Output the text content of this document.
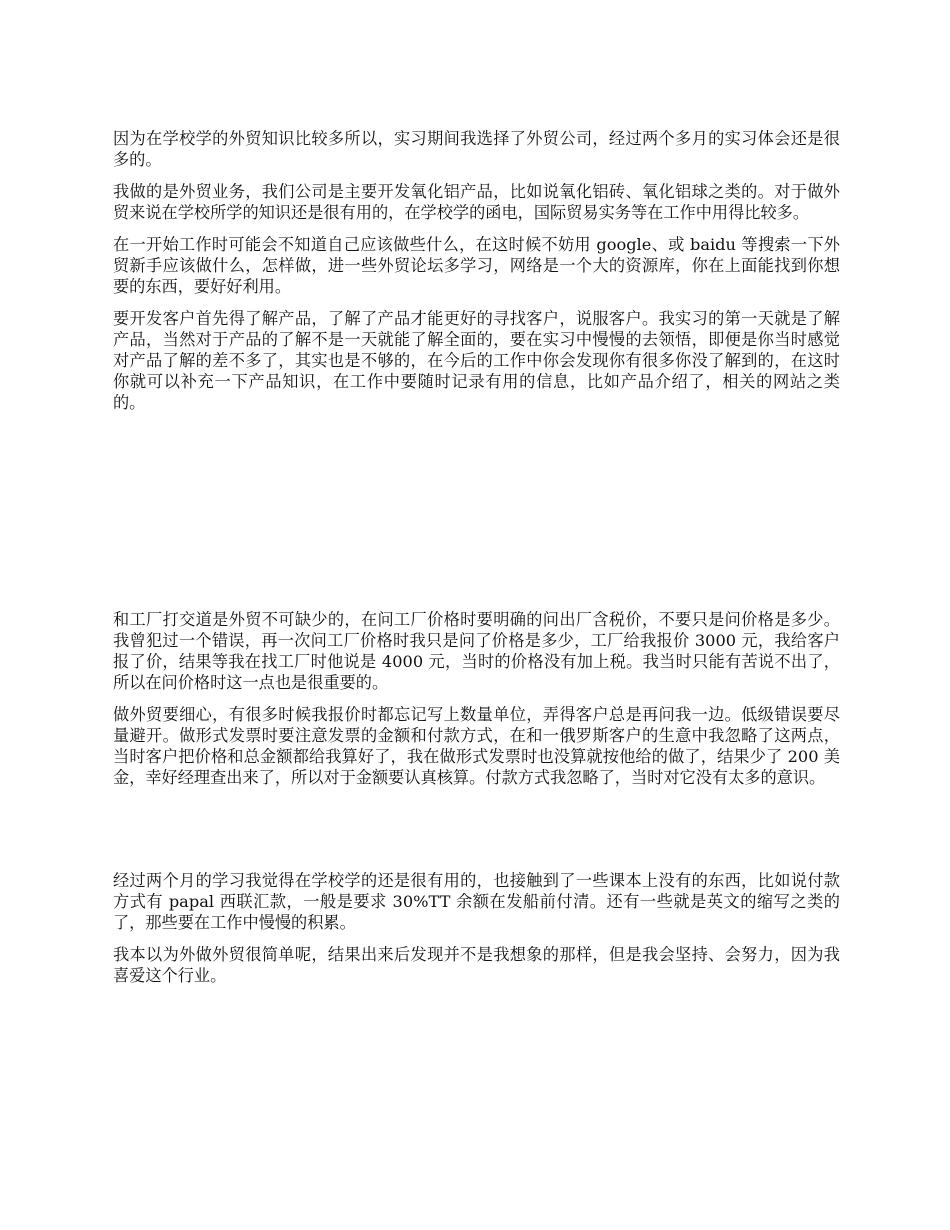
因为在学校学的外贸知识比较多所以，实习期间我选择了外贸公司，经过两个多月的实习体会还是很多的。

我做的是外贸业务，我们公司是主要开发氧化铝产品，比如说氧化铝砖、氧化铝球之类的。对于做外贸来说在学校所学的知识还是很有用的，在学校学的函电，国际贸易实务等在工作中用得比较多。

在一开始工作时可能会不知道自己应该做些什么，在这时候不妨用 google、或 baidu 等搜索一下外贸新手应该做什么，怎样做，进一些外贸论坛多学习，网络是一个大的资源库，你在上面能找到你想要的东西，要好好利用。

要开发客户首先得了解产品，了解了产品才能更好的寻找客户，说服客户。我实习的第一天就是了解产品，当然对于产品的了解不是一天就能了解全面的，要在实习中慢慢的去领悟，即便是你当时感觉对产品了解的差不多了，其实也是不够的，在今后的工作中你会发现你有很多你没了解到的，在这时你就可以补充一下产品知识，在工作中要随时记录有用的信息，比如产品介绍了，相关的网站之类的。

和工厂打交道是外贸不可缺少的，在问工厂价格时要明确的问出厂含税价，不要只是问价格是多少。我曾犯过一个错误，再一次问工厂价格时我只是问了价格是多少，工厂给我报价 3000 元，我给客户报了价，结果等我在找工厂时他说是 4000 元，当时的价格没有加上税。我当时只能有苦说不出了，所以在问价格时这一点也是很重要的。

做外贸要细心，有很多时候我报价时都忘记写上数量单位，弄得客户总是再问我一边。低级错误要尽量避开。做形式发票时要注意发票的金额和付款方式，在和一俄罗斯客户的生意中我忽略了这两点，当时客户把价格和总金额都给我算好了，我在做形式发票时也没算就按他给的做了，结果少了 200 美金，幸好经理查出来了，所以对于金额要认真核算。付款方式我忽略了，当时对它没有太多的意识。

经过两个月的学习我觉得在学校学的还是很有用的，也接触到了一些课本上没有的东西，比如说付款方式有 papal 西联汇款，一般是要求 30%TT 余额在发船前付清。还有一些就是英文的缩写之类的了，那些要在工作中慢慢的积累。

我本以为外做外贸很简单呢，结果出来后发现并不是我想象的那样，但是我会坚持、会努力，因为我喜爱这个行业。
